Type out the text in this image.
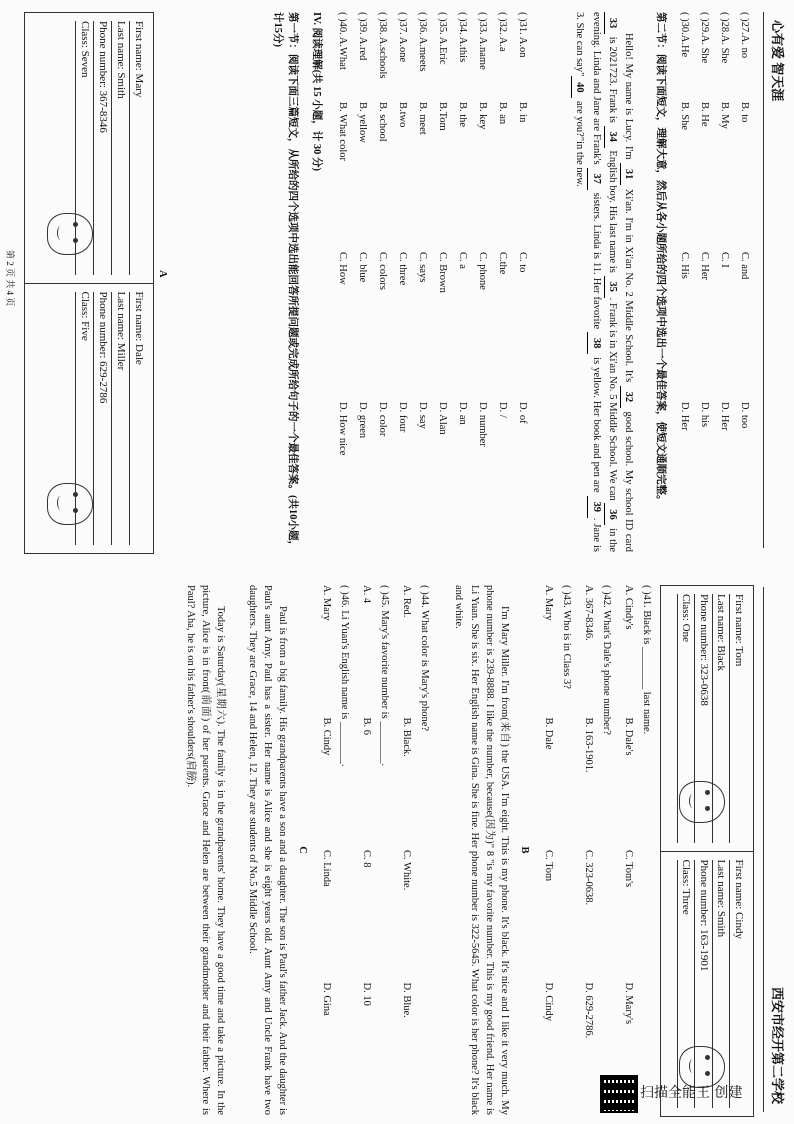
心有爱 智天涯
( )27.A. no
B. to
C. and
D. too
( )28.A. She
B. My
C. I
D. Her
( )29.A. She
B. He
C. Her
D. his
( )30.A.He
B. She
C. His
D. Her
第二节：阅读下面短文，理解大意，然后从各小题所给的四个选项中选出一个最佳答案，使短文通顺完整。
Hello! My name is Lucy. I'm 31 Xi'an. I'm in Xi'an No. 2 Middle School. It's 32 good school. My school ID card 33 is 2021723. Frank is 34 English boy. His last name is 35. Frank is in Xi'an No. 5 Middle School. We can 36 in the evening. Linda and Jane are Frank's 37 sisters. Linda is 11. Her favorite 38 is yellow. Her book and pen are 39. Jane is 3. She can say"40 are you?"in the new.
( )31. A.on
B. in
C. to
D. of
( )32. A.a
B. an
C.the
D. /
( )33. A.name
B. key
C. phone
D. number
( )34. A.this
B. the
C. a
D. an
( )35. A.Eric
B.Tom
C. Brown
D. Alan
( )36. A.meets
B. meet
C. says
D. say
( )37. A.one
B.two
C. three
D. four
( )38. A.schools
B. school
C. colors
D. color
( )39. A.red
B. yellow
C. blue
D. green
( )40. A.What
B. What color
C. How
D. How nice
IV. 阅读理解(共 15 小题，计 30 分)
第一节：阅读下面三篇短文，从所给的四个选项中选出能回答所提问题或完成所给句子的一个最佳答案。(共10小题，计15分)
A
First name: Mary
Last name: Smith
Phone number: 367-8346
Class: Seven
First name: Dale
Last name: Miller
Phone number: 629-2786
Class: Five
第 2 页 共 4 页
西安市经开第二学校
First name: Tom
Last name: Black
Phone number: 323-0638
Class: One
First name: Cindy
Last name: Smith
Phone number: 163-1901
Class: Three
( )41. Black is ________ last name.
A. Cindy's
B. Dale's
C. Tom's
D. Mary's
( )42. What's Dale's phone number?
A. 367-8346.
B. 163-1901.
C. 323-0638.
D. 629-2786.
( )43. Who is in Class 3?
A. Mary
B. Dale
C. Tom
D. Cindy
B
I'm Mary Miller. I'm from(来自) the USA. I'm eight. This is my phone. It's black. It's nice and I like it very much. My phone number is 239-8888. I like the number, because(因为)" 8 "is my favorite number. This is my good friend. Her name is Li Yuan. She is six. Her English name is Gina. She is fine. Her phone number is 322-5645. What color is her phone? It's black and white.
( )44. What color is Mary's phone?
A. Red.
B. Black.
C. White.
D. Blue.
( )45. Mary's favorite number is ________.
A. 4
B. 6
C. 8
D. 10
( )46. Li Yuan's English name is ________.
A. Mary
B. Cindy
C. Linda
D. Gina
C
Paul is from a big family. His grandparents have a son and a daughter. The son is Paul's father Jack. And the daughter is Paul's aunt Amy. Paul has a sister. Her name is Alice and she is eight years old. Aunt Amy and Uncle Frank have two daughters. They are Grace, 14 and Helen, 12. They are students of No.5 Middle School.
Today is Saturday(星期六). The family is in the grandparents' home. They have a good time and take a picture. In the picture, Alice is in front(前面) of her parents. Grace and Helen are between their grandmother and their father. Where is Paul? Aha, he is on his father's shoulders(肩膀).
扫描全能王 创建
